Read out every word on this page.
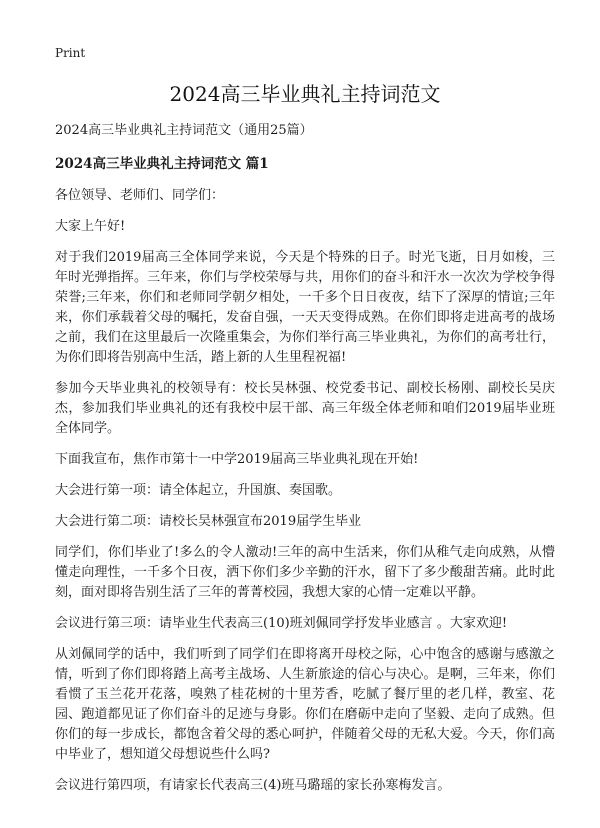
Print
2024高三毕业典礼主持词范文
2024高三毕业典礼主持词范文（通用25篇）
2024高三毕业典礼主持词范文 篇1

各位领导、老师们、同学们：

大家上午好!

对于我们2019届高三全体同学来说，今天是个特殊的日子。时光飞逝，日月如梭，三年时光弹指挥。三年来，你们与学校荣辱与共，用你们的奋斗和汗水一次次为学校争得荣誉;三年来，你们和老师同学朝夕相处，一千多个日日夜夜，结下了深厚的情谊;三年来，你们承载着父母的嘱托，发奋自强，一天天变得成熟。在你们即将走进高考的战场之前，我们在这里最后一次隆重集会，为你们举行高三毕业典礼，为你们的高考壮行，为你们即将告别高中生活，踏上新的人生里程祝福!

参加今天毕业典礼的校领导有：校长吴林强、校党委书记、副校长杨刚、副校长吴庆杰，参加我们毕业典礼的还有我校中层干部、高三年级全体老师和咱们2019届毕业班全体同学。

下面我宣布，焦作市第十一中学2019届高三毕业典礼现在开始!

大会进行第一项：请全体起立，升国旗、奏国歌。

大会进行第二项：请校长吴林强宣布2019届学生毕业

同学们，你们毕业了!多么的令人激动!三年的高中生活来，你们从稚气走向成熟，从懵懂走向理性，一千多个日夜，洒下你们多少辛勤的汗水，留下了多少酸甜苦痛。此时此刻，面对即将告别生活了三年的菁菁校园，我想大家的心情一定难以平静。

会议进行第三项：请毕业生代表高三(10)班刘佩同学抒发毕业感言 。大家欢迎!

从刘佩同学的话中，我们听到了同学们在即将离开母校之际，心中饱含的感谢与感激之情，听到了你们即将踏上高考主战场、人生新旅途的信心与决心。是啊，三年来，你们看惯了玉兰花开花落，嗅熟了桂花树的十里芳香，吃腻了餐厅里的老几样，教室、花园、跑道都见证了你们奋斗的足迹与身影。你们在磨砺中走向了坚毅、走向了成熟。但你们的每一步成长，都饱含着父母的悉心呵护，伴随着父母的无私大爱。今天，你们高中毕业了，想知道父母想说些什么吗?

会议进行第四项，有请家长代表高三(4)班马璐瑶的家长孙寒梅发言。
